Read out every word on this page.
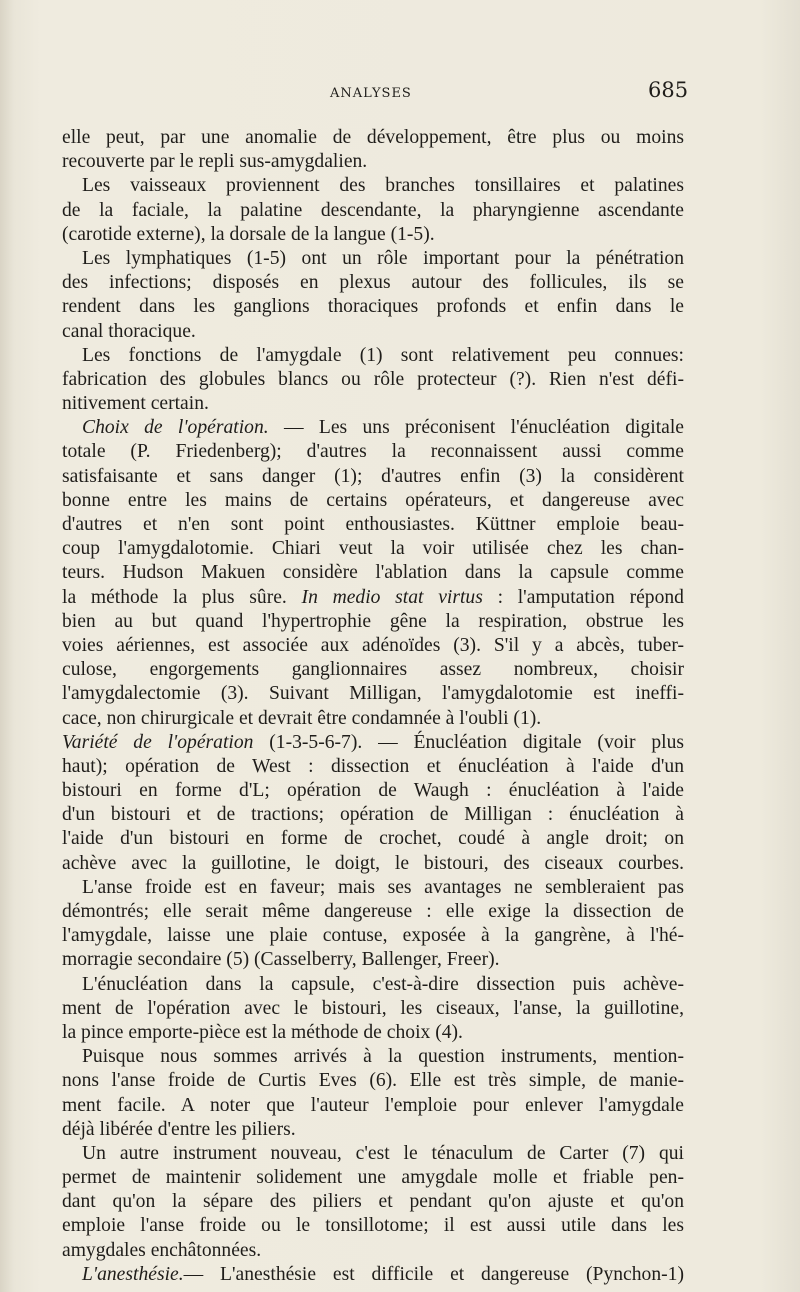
ANALYSES	685
elle peut, par une anomalie de développement, être plus ou moins
recouverte par le repli sus-amygdalien.
Les vaisseaux proviennent des branches tonsillaires et palatines
de la faciale, la palatine descendante, la pharyngienne ascendante
(carotide externe), la dorsale de la langue (1-5).
Les lymphatiques (1-5) ont un rôle important pour la pénétration
des infections; disposés en plexus autour des follicules, ils se
rendent dans les ganglions thoraciques profonds et enfin dans le
canal thoracique.
Les fonctions de l'amygdale (1) sont relativement peu connues:
fabrication des globules blancs ou rôle protecteur (?). Rien n'est défi-
nitivement certain.
Choix de l'opération. — Les uns préconisent l'énucléation digitale
totale (P. Friedenberg); d'autres la reconnaissent aussi comme
satisfaisante et sans danger (1); d'autres enfin (3) la considèrent
bonne entre les mains de certains opérateurs, et dangereuse avec
d'autres et n'en sont point enthousiastes. Küttner emploie beau-
coup l'amygdalotomie. Chiari veut la voir utilisée chez les chan-
teurs. Hudson Makuen considère l'ablation dans la capsule comme
la méthode la plus sûre. In medio stat virtus : l'amputation répond
bien au but quand l'hypertrophie gêne la respiration, obstrue les
voies aériennes, est associée aux adénoïdes (3). S'il y a abcès, tuber-
culose, engorgements ganglionnaires assez nombreux, choisir
l'amygdalectomie (3). Suivant Milligan, l'amygdalotomie est ineffi-
cace, non chirurgicale et devrait être condamnée à l'oubli (1).
Variété de l'opération (1-3-5-6-7). — Énucléation digitale (voir plus
haut); opération de West : dissection et énucléation à l'aide d'un
bistouri en forme d'L; opération de Waugh : énucléation à l'aide
d'un bistouri et de tractions; opération de Milligan : énucléation à
l'aide d'un bistouri en forme de crochet, coudé à angle droit; on
achève avec la guillotine, le doigt, le bistouri, des ciseaux courbes.
L'anse froide est en faveur; mais ses avantages ne sembleraient pas
démontrés; elle serait même dangereuse : elle exige la dissection de
l'amygdale, laisse une plaie contuse, exposée à la gangrène, à l'hé-
morragie secondaire (5) (Casselberry, Ballenger, Freer).
L'énucléation dans la capsule, c'est-à-dire dissection puis achève-
ment de l'opération avec le bistouri, les ciseaux, l'anse, la guillotine,
la pince emporte-pièce est la méthode de choix (4).
Puisque nous sommes arrivés à la question instruments, mention-
nons l'anse froide de Curtis Eves (6). Elle est très simple, de manie-
ment facile. A noter que l'auteur l'emploie pour enlever l'amygdale
déjà libérée d'entre les piliers.
Un autre instrument nouveau, c'est le ténaculum de Carter (7) qui
permet de maintenir solidement une amygdale molle et friable pen-
dant qu'on la sépare des piliers et pendant qu'on ajuste et qu'on
emploie l'anse froide ou le tonsillotome; il est aussi utile dans les
amygdales enchâtonnées.
L'anesthésie.— L'anesthésie est difficile et dangereuse (Pynchon-1)
